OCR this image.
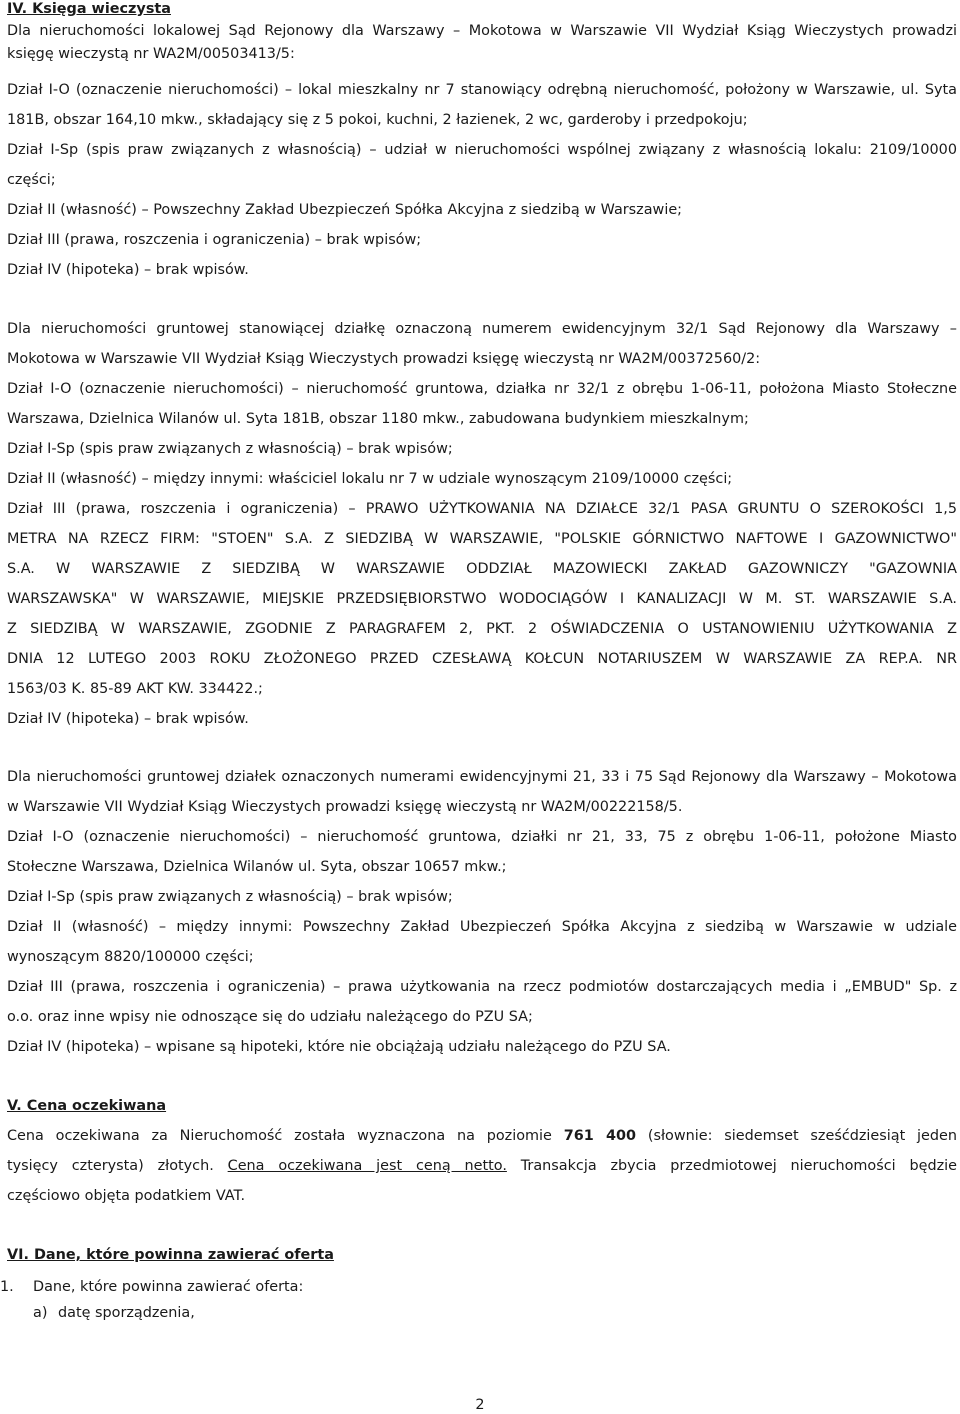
IV. Księga wieczysta
Dla nieruchomości lokalowej Sąd Rejonowy dla Warszawy – Mokotowa w Warszawie VII Wydział Ksiąg Wieczystych prowadzi
księgę wieczystą nr WA2M/00503413/5:
Dział I-O (oznaczenie nieruchomości) – lokal mieszkalny nr 7 stanowiący odrębną nieruchomość, położony w Warszawie, ul. Syta
181B, obszar 164,10 mkw., składający się z 5 pokoi, kuchni, 2 łazienek, 2 wc, garderoby i przedpokoju;
Dział I-Sp (spis praw związanych z własnością) – udział w nieruchomości wspólnej związany z własnością lokalu: 2109/10000
części;
Dział II (własność) – Powszechny Zakład Ubezpieczeń Spółka Akcyjna z siedzibą w Warszawie;
Dział III (prawa, roszczenia i ograniczenia) – brak wpisów;
Dział IV (hipoteka) – brak wpisów.
Dla nieruchomości gruntowej stanowiącej działkę oznaczoną numerem ewidencyjnym 32/1 Sąd Rejonowy dla Warszawy –
Mokotowa w Warszawie VII Wydział Ksiąg Wieczystych prowadzi księgę wieczystą nr WA2M/00372560/2:
Dział I-O (oznaczenie nieruchomości) – nieruchomość gruntowa, działka nr 32/1 z obrębu 1-06-11, położona Miasto Stołeczne
Warszawa, Dzielnica Wilanów ul. Syta 181B, obszar 1180 mkw., zabudowana budynkiem mieszkalnym;
Dział I-Sp (spis praw związanych z własnością) – brak wpisów;
Dział II (własność) – między innymi: właściciel lokalu nr 7 w udziale wynoszącym 2109/10000 części;
Dział III (prawa, roszczenia i ograniczenia) – PRAWO UŻYTKOWANIA NA DZIAŁCE 32/1 PASA GRUNTU O SZEROKOŚCI 1,5
METRA NA RZECZ FIRM: "STOEN" S.A. Z SIEDZIBĄ W WARSZAWIE, "POLSKIE GÓRNICTWO NAFTOWE I GAZOWNICTWO"
S.A. W WARSZAWIE Z SIEDZIBĄ W WARSZAWIE ODDZIAŁ MAZOWIECKI ZAKŁAD GAZOWNICZY "GAZOWNIA
WARSZAWSKA" W WARSZAWIE, MIEJSKIE PRZEDSIĘBIORSTWO WODOCIĄGÓW I KANALIZACJI W M. ST. WARSZAWIE S.A.
Z SIEDZIBĄ W WARSZAWIE, ZGODNIE Z PARAGRAFEM 2, PKT. 2 OŚWIADCZENIA O USTANOWIENIU UŻYTKOWANIA Z
DNIA 12 LUTEGO 2003 ROKU ZŁOŻONEGO PRZED CZESŁAWĄ KOŁCUN NOTARIUSZEM W WARSZAWIE ZA REP.A. NR
1563/03 K. 85-89 AKT KW. 334422.;
Dział IV (hipoteka) – brak wpisów.
Dla nieruchomości gruntowej działek oznaczonych numerami ewidencyjnymi 21, 33 i 75 Sąd Rejonowy dla Warszawy – Mokotowa
w Warszawie VII Wydział Ksiąg Wieczystych prowadzi księgę wieczystą nr WA2M/00222158/5.
Dział I-O (oznaczenie nieruchomości) – nieruchomość gruntowa, działki nr 21, 33, 75 z obrębu 1-06-11, położone Miasto
Stołeczne Warszawa, Dzielnica Wilanów ul. Syta, obszar 10657 mkw.;
Dział I-Sp (spis praw związanych z własnością) – brak wpisów;
Dział II (własność) – między innymi: Powszechny Zakład Ubezpieczeń Spółka Akcyjna z siedzibą w Warszawie w udziale
wynoszącym 8820/100000 części;
Dział III (prawa, roszczenia i ograniczenia) – prawa użytkowania na rzecz podmiotów dostarczających media i „EMBUD" Sp. z
o.o. oraz inne wpisy nie odnoszące się do udziału należącego do PZU SA;
Dział IV (hipoteka) – wpisane są hipoteki, które nie obciążają udziału należącego do PZU SA.
V. Cena oczekiwana
Cena oczekiwana za Nieruchomość została wyznaczona na poziomie 761 400 (słownie: siedemset sześćdziesiąt jeden
tysięcy czterysta) złotych. Cena oczekiwana jest ceną netto. Transakcja zbycia przedmiotowej nieruchomości będzie
częściowo objęta podatkiem VAT.
VI. Dane, które powinna zawierać oferta
1. Dane, które powinna zawierać oferta:
a) datę sporządzenia,
2
